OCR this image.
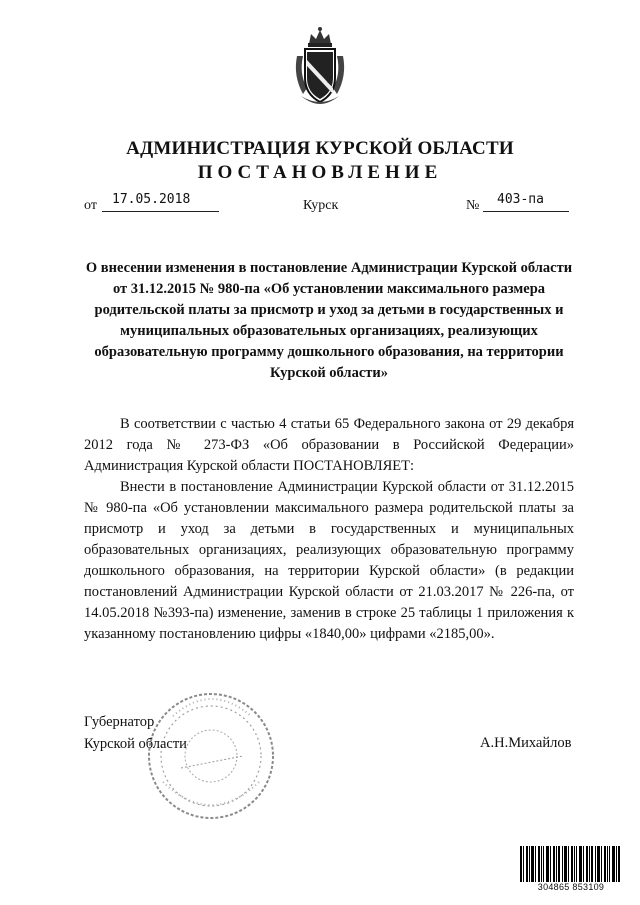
АДМИНИСТРАЦИЯ КУРСКОЙ ОБЛАСТИ
ПОСТАНОВЛЕНИЕ
от 17.05.2018	Курск	№ 403-па
О внесении изменения в постановление Администрации Курской области от 31.12.2015 № 980-па «Об установлении максимального размера родительской платы за присмотр и уход за детьми в государственных и муниципальных образовательных организациях, реализующих образовательную программу дошкольного образования, на территории Курской области»

В соответствии с частью 4 статьи 65 Федерального закона от 29 декабря 2012 года № 273-ФЗ «Об образовании в Российской Федерации» Администрация Курской области ПОСТАНОВЛЯЕТ:

Внести в постановление Администрации Курской области от 31.12.2015 № 980-па «Об установлении максимального размера родительской платы за присмотр и уход за детьми в государственных и муниципальных образовательных организациях, реализующих образовательную программу дошкольного образования, на территории Курской области» (в редакции постановлений Администрации Курской области от 21.03.2017 № 226-па, от 14.05.2018 №393-па) изменение, заменив в строке 25 таблицы 1 приложения к указанному постановлению цифры «1840,00» цифрами «2185,00».

Губернатор
Курской области	А.Н.Михайлов
304865 853109
